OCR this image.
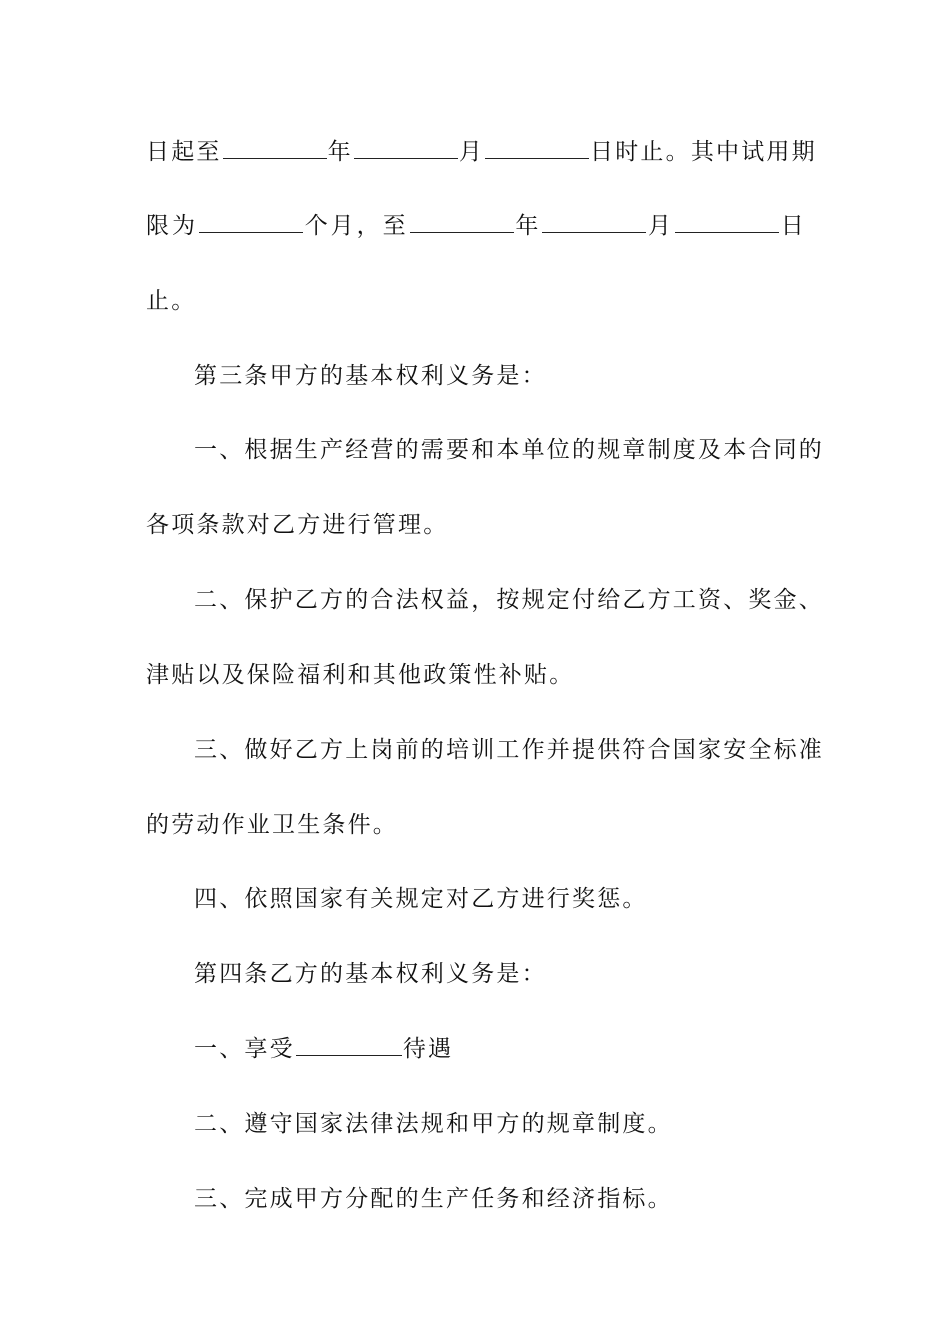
日起至	年	月	日时止。其中试用期
限为	个月，至	年	月	日
止。
第三条甲方的基本权利义务是：
一、根据生产经营的需要和本单位的规章制度及本合同的
各项条款对乙方进行管理。
二、保护乙方的合法权益，按规定付给乙方工资、奖金、
津贴以及保险福利和其他政策性补贴。
三、做好乙方上岗前的培训工作并提供符合国家安全标准
的劳动作业卫生条件。
四、依照国家有关规定对乙方进行奖惩。
第四条乙方的基本权利义务是：
一、享受	待遇
二、遵守国家法律法规和甲方的规章制度。
三、完成甲方分配的生产任务和经济指标。
